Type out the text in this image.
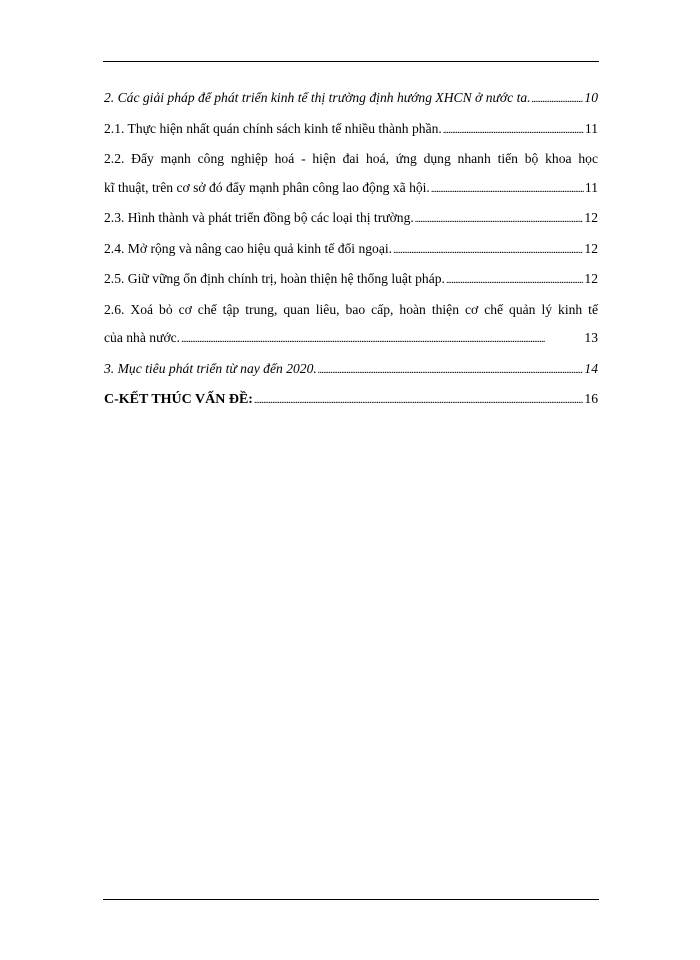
2. Các giải pháp để phát triển kinh tế thị trường định hướng XHCN ở nước ta. . . .	10
2.1. Thực hiện nhất quán chính sách kinh tế nhiều thành phần. . . .	11
2.2. Đẩy mạnh công nghiệp hoá - hiện đai hoá, ứng dụng nhanh tiến bộ khoa học
kĩ thuật, trên cơ sở đó đẩy mạnh phân công lao động xã hội. . . .	11
2.3. Hình thành và phát triển đồng bộ các loại thị trường. . . .	12
2.4. Mở rộng và nâng cao hiệu quả kinh tế đối ngoại. . . .	12
2.5. Giữ vững ổn định chính trị, hoàn thiện hệ thống luật pháp. . . .	12
2.6. Xoá bỏ cơ chế tập trung, quan liêu, bao cấp, hoàn thiện cơ chế quản lý kinh tế
của nhà nước. . . .	13
3. Mục tiêu phát triển từ nay đến 2020. . . .	14
C-KẾT THÚC VẤN ĐỀ: . . .	16
